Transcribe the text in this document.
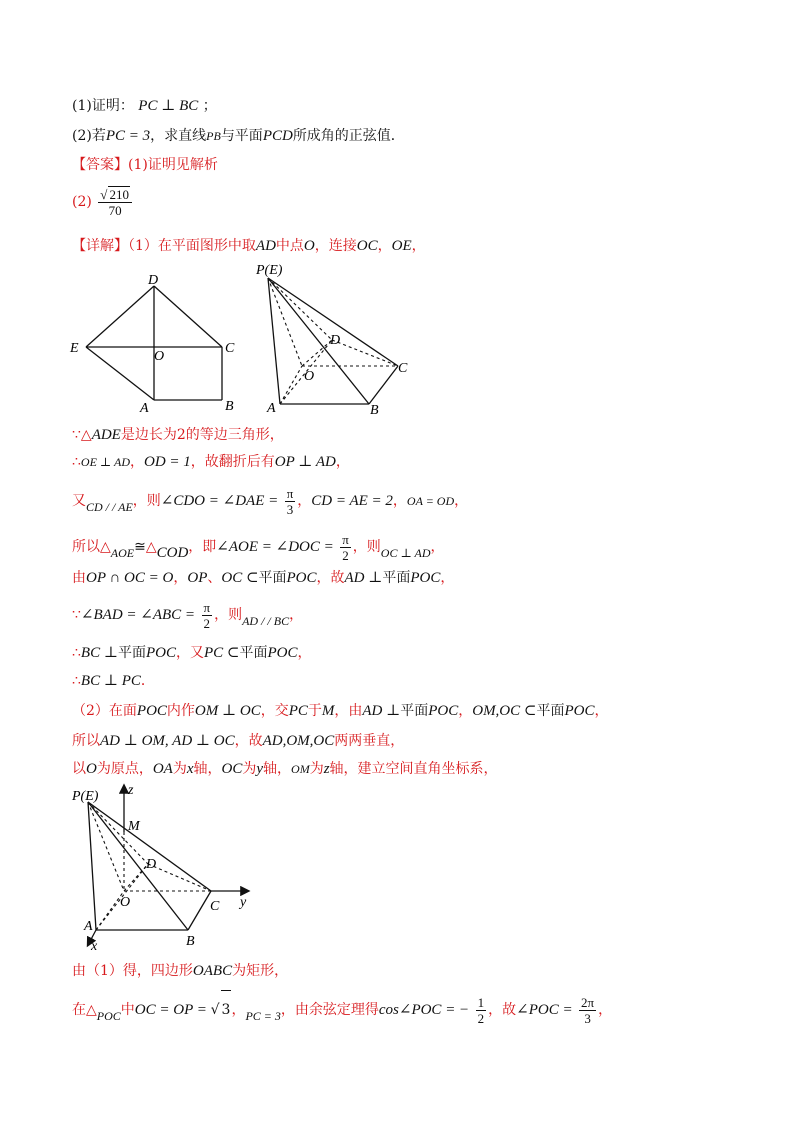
(1)证明： PC ⊥ BC ；
(2)若PC = 3，求直线PB与平面PCD所成角的正弦值．
【答案】(1)证明见解析
$(2) \frac{√ 210}{70}$
【详解】（1）在平面图形中取AD中点O，连接OC，OE，
D
E
O
C
A	B
P(E)
D
O
C
A	B
∵△ADE是边长为2的等边三角形，
∴OE ⊥ AD，OD = 1，故翻折后有OP ⊥ AD，
又CD / / AE，则∠CDO = ∠DAE = $\frac{\pi}{3}$ ，CD = AE = 2，OA = OD，
所以△AOE≅△COD，即∠AOE = ∠DOC = $\frac{\pi}{2}$ ，则OC ⊥ AD，
由OP ∩ OC = O，OP、OC ⊂平面POC，故AD ⊥平面POC，
∵∠BAD = ∠ABC = $\frac{\pi}{2}$ ，则AD / / BC，
∴BC ⊥平面POC，又PC ⊂平面POC，
∴BC ⊥ PC．
（2）在面POC内作OM ⊥ OC，交PC于M，由AD ⊥平面POC，OM,OC ⊂平面POC，
所以AD ⊥ OM, AD ⊥ OC，故AD,OM,OC两两垂直，
以O为原点，OA为x轴，OC为y轴，OM为z轴，建立空间直角坐标系，
P(E) z
M
D
O	C y
A
B
x
由（1）得，四边形OABC为矩形，
在△POC中OC = OP = √ 3，PC = 3，由余弦定理得cos∠POC = − $\frac{1}{2}$ ，故∠POC = $\frac{2\pi}{3}$ ，
